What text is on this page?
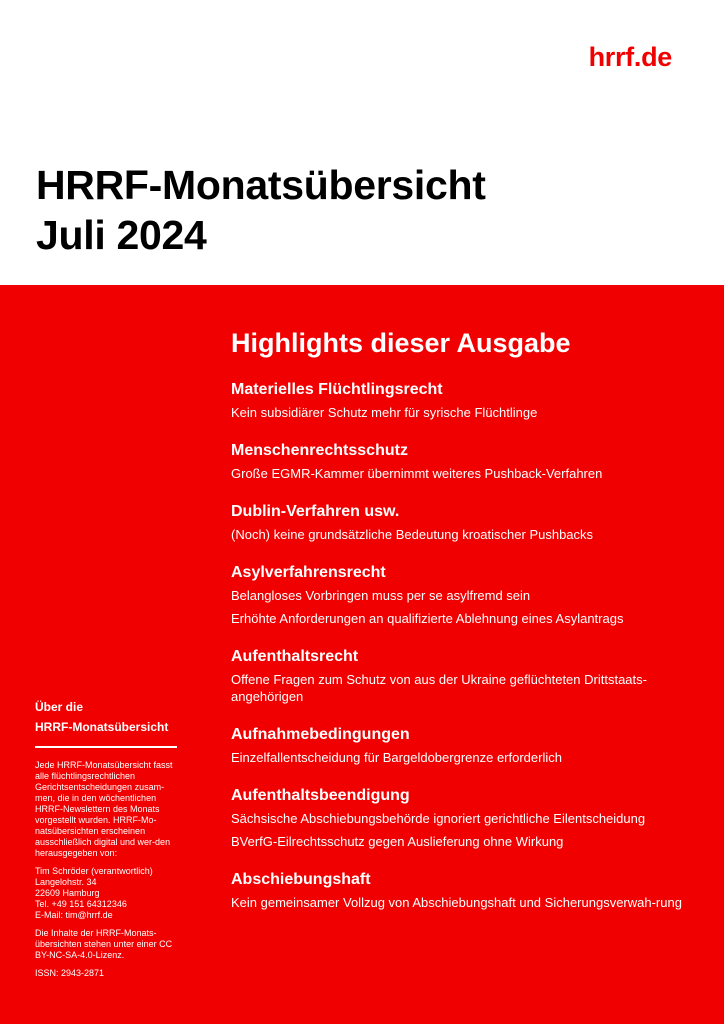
hrrf.de
HRRF-Monatsübersicht
Juli 2024
Highlights dieser Ausgabe
Materielles Flüchtlingsrecht
Kein subsidiärer Schutz mehr für syrische Flüchtlinge
Menschenrechtsschutz
Große EGMR-Kammer übernimmt weiteres Pushback-Verfahren
Dublin-Verfahren usw.
(Noch) keine grundsätzliche Bedeutung kroatischer Pushbacks
Asylverfahrensrecht
Belangloses Vorbringen muss per se asylfremd sein
Erhöhte Anforderungen an qualifizierte Ablehnung eines Asylantrags
Aufenthaltsrecht
Offene Fragen zum Schutz von aus der Ukraine geflüchteten Drittstaats-angehörigen
Aufnahmebedingungen
Einzelfallentscheidung für Bargeldobergrenze erforderlich
Aufenthaltsbeendigung
Sächsische Abschiebungsbehörde ignoriert gerichtliche Eilentscheidung
BVerfG-Eilrechtsschutz gegen Auslieferung ohne Wirkung
Abschiebungshaft
Kein gemeinsamer Vollzug von Abschiebungshaft und Sicherungsverwah-rung
Über die
HRRF-Monatsübersicht

Jede HRRF-Monatsübersicht fasst alle flüchtlingsrechtlichen Gerichtsentscheidungen zusam-men, die in den wöchentlichen HRRF-Newslettern des Monats vorgestellt wurden. HRRF-Mo-natsübersichten erscheinen ausschließlich digital und wer-den herausgegeben von:

Tim Schröder (verantwortlich)
Langelohstr. 34
22609 Hamburg
Tel. +49 151 64312346
E-Mail: tim@hrrf.de

Die Inhalte der HRRF-Monats-übersichten stehen unter einer CC BY-NC-SA-4.0-Lizenz.

ISSN: 2943-2871
